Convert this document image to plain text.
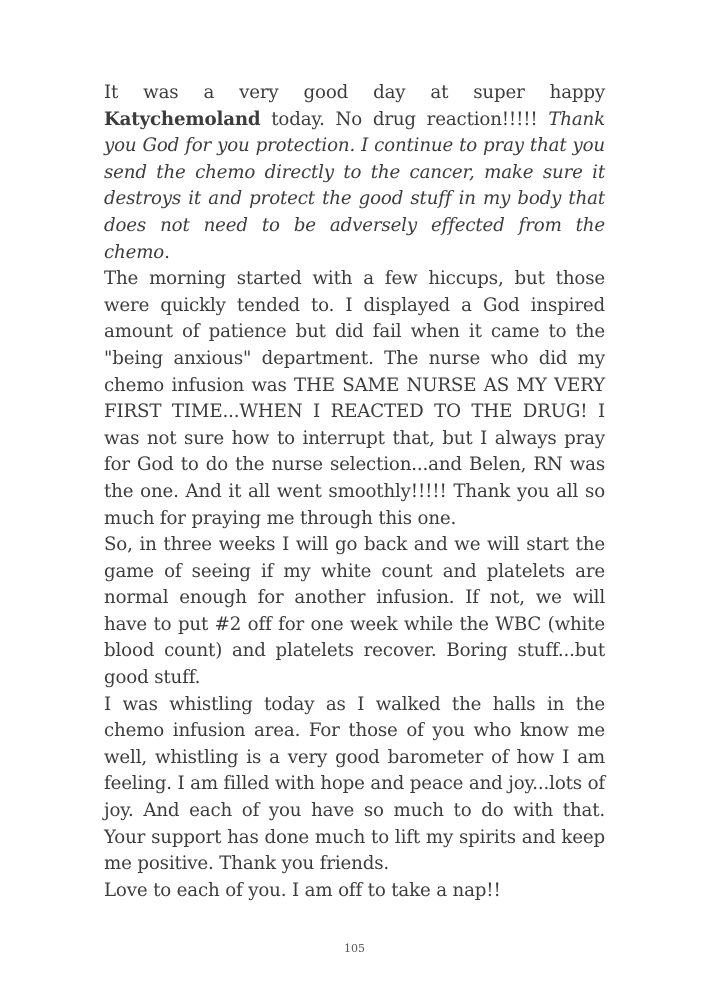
It was a very good day at super happy Katychemoland today. No drug reaction!!!!! Thank you God for you protection. I continue to pray that you send the chemo directly to the cancer, make sure it destroys it and protect the good stuff in my body that does not need to be adversely effected from the chemo.

The morning started with a few hiccups, but those were quickly tended to. I displayed a God inspired amount of patience but did fail when it came to the "being anxious" department. The nurse who did my chemo infusion was THE SAME NURSE AS MY VERY FIRST TIME...WHEN I REACTED TO THE DRUG! I was not sure how to interrupt that, but I always pray for God to do the nurse selection...and Belen, RN was the one. And it all went smoothly!!!!! Thank you all so much for praying me through this one.

So, in three weeks I will go back and we will start the game of seeing if my white count and platelets are normal enough for another infusion. If not, we will have to put #2 off for one week while the WBC (white blood count) and platelets recover. Boring stuff...but good stuff.

I was whistling today as I walked the halls in the chemo infusion area. For those of you who know me well, whistling is a very good barometer of how I am feeling. I am filled with hope and peace and joy...lots of joy. And each of you have so much to do with that. Your support has done much to lift my spirits and keep me positive. Thank you friends.

Love to each of you. I am off to take a nap!!

105
